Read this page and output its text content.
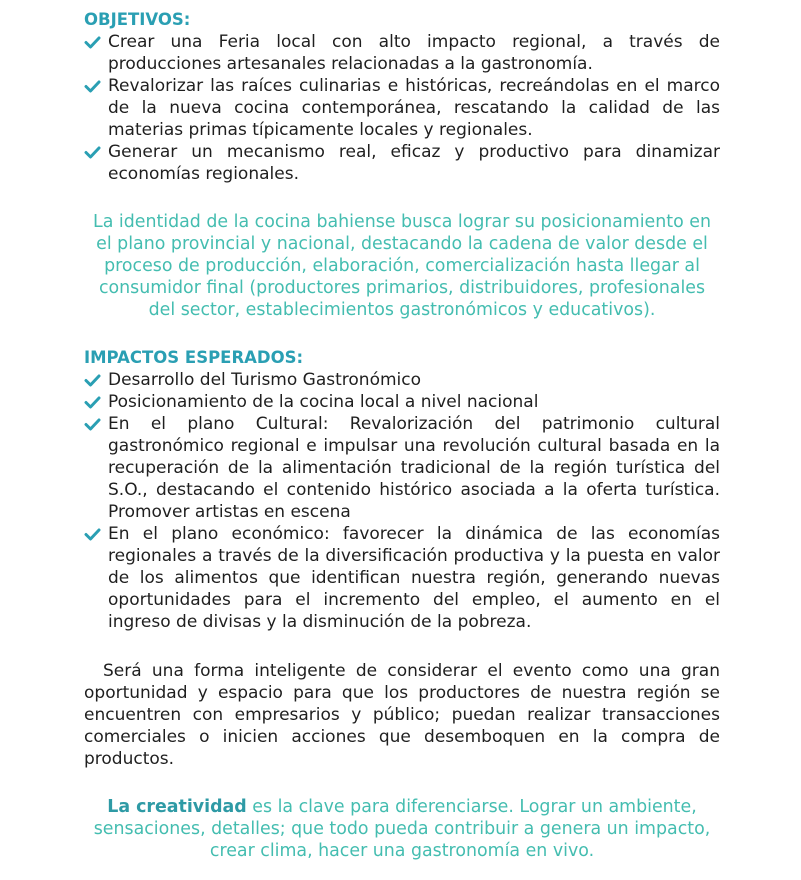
OBJETIVOS:
Crear una Feria local con alto impacto regional, a través de producciones artesanales relacionadas a la gastronomía.
Revalorizar las raíces culinarias e históricas, recreándolas en el marco de la nueva cocina contemporánea, rescatando la calidad de las materias primas típicamente locales y regionales.
Generar un mecanismo real, eficaz y productivo para dinamizar economías regionales.

La identidad de la cocina bahiense busca lograr su posicionamiento en el plano provincial y nacional, destacando la cadena de valor desde el proceso de producción, elaboración, comercialización hasta llegar al consumidor final (productores primarios, distribuidores, profesionales del sector, establecimientos gastronómicos y educativos).

IMPACTOS ESPERADOS:
Desarrollo del Turismo Gastronómico
Posicionamiento de la cocina local a nivel nacional
En el plano Cultural: Revalorización del patrimonio cultural gastronómico regional e impulsar una revolución cultural basada en la recuperación de la alimentación tradicional de la región turística del S.O., destacando el contenido histórico asociada a la oferta turística. Promover artistas en escena
En el plano económico: favorecer la dinámica de las economías regionales a través de la diversificación productiva y la puesta en valor de los alimentos que identifican nuestra región, generando nuevas oportunidades para el incremento del empleo, el aumento en el ingreso de divisas y la disminución de la pobreza.

Será una forma inteligente de considerar el evento como una gran oportunidad y espacio para que los productores de nuestra región se encuentren con empresarios y público; puedan realizar transacciones comerciales o inicien acciones que desemboquen en la compra de productos.

La creatividad es la clave para diferenciarse. Lograr un ambiente, sensaciones, detalles; que todo pueda contribuir a genera un impacto, crear clima, hacer una gastronomía en vivo.
